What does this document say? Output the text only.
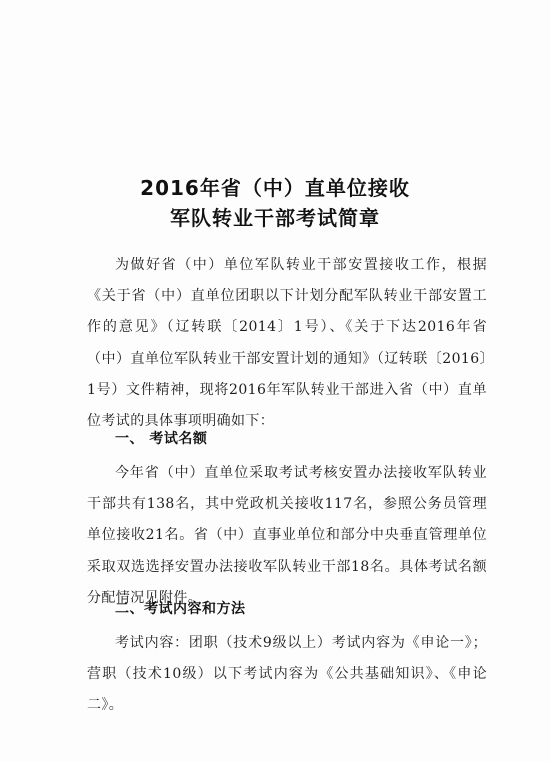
2016年省（中）直单位接收
军队转业干部考试简章

为做好省（中）单位军队转业干部安置接收工作，根据《关于省（中）直单位团职以下计划分配军队转业干部安置工作的意见》（辽转联〔2014〕1号）、《关于下达2016年省（中）直单位军队转业干部安置计划的通知》（辽转联〔2016〕1号）文件精神，现将2016年军队转业干部进入省（中）直单位考试的具体事项明确如下：

一、 考试名额

今年省（中）直单位采取考试考核安置办法接收军队转业干部共有138名，其中党政机关接收117名，参照公务员管理单位接收21名。省（中）直事业单位和部分中央垂直管理单位采取双选选择安置办法接收军队转业干部18名。具体考试名额分配情况见附件。

二、考试内容和方法

考试内容：团职（技术9级以上）考试内容为《申论一》；营职（技术10级）以下考试内容为《公共基础知识》、《申论二》。
